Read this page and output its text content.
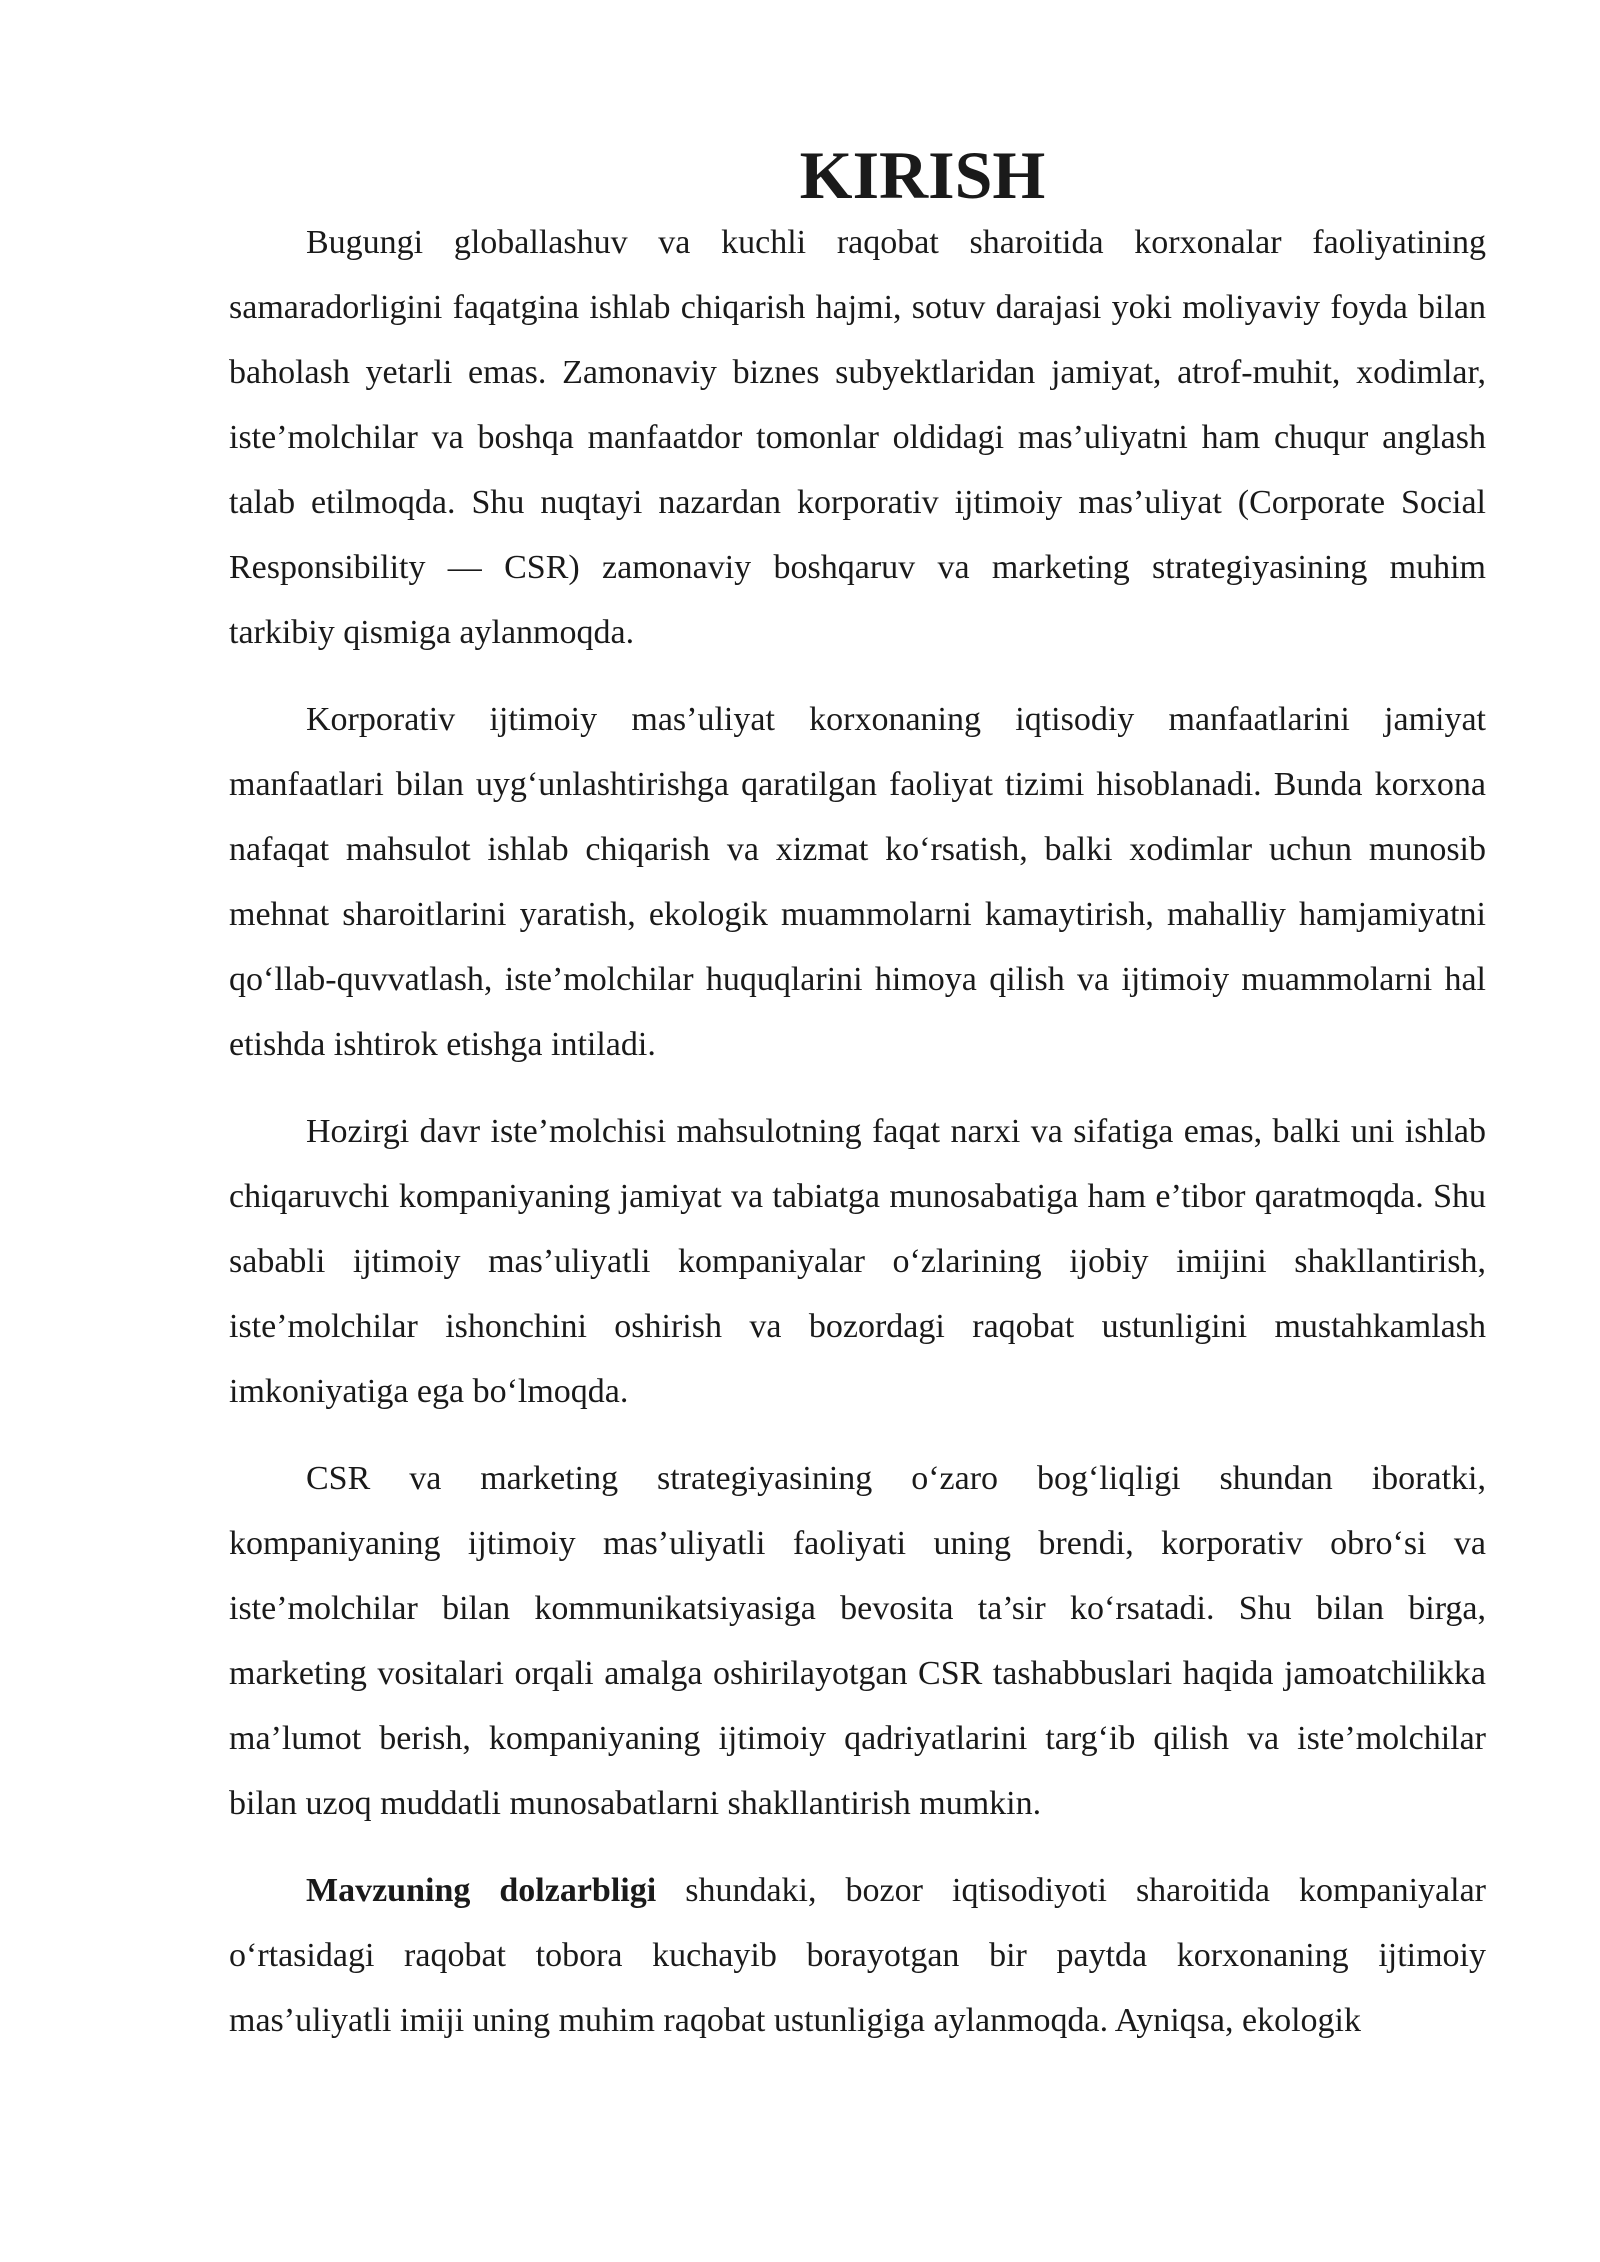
KIRISH

Bugungi globallashuv va kuchli raqobat sharoitida korxonalar faoliyatining samaradorligini faqatgina ishlab chiqarish hajmi, sotuv darajasi yoki moliyaviy foyda bilan baholash yetarli emas. Zamonaviy biznes subyektlaridan jamiyat, atrof-muhit, xodimlar, iste’molchilar va boshqa manfaatdor tomonlar oldidagi mas’uliyatni ham chuqur anglash talab etilmoqda. Shu nuqtayi nazardan korporativ ijtimoiy mas’uliyat (Corporate Social Responsibility — CSR) zamonaviy boshqaruv va marketing strategiyasining muhim tarkibiy qismiga aylanmoqda.

Korporativ ijtimoiy mas’uliyat korxonaning iqtisodiy manfaatlarini jamiyat manfaatlari bilan uyg‘unlashtirishga qaratilgan faoliyat tizimi hisoblanadi. Bunda korxona nafaqat mahsulot ishlab chiqarish va xizmat ko‘rsatish, balki xodimlar uchun munosib mehnat sharoitlarini yaratish, ekologik muammolarni kamaytirish, mahalliy hamjamiyatni qo‘llab-quvvatlash, iste’molchilar huquqlarini himoya qilish va ijtimoiy muammolarni hal etishda ishtirok etishga intiladi.

Hozirgi davr iste’molchisi mahsulotning faqat narxi va sifatiga emas, balki uni ishlab chiqaruvchi kompaniyaning jamiyat va tabiatga munosabatiga ham e’tibor qaratmoqda. Shu sababli ijtimoiy mas’uliyatli kompaniyalar o‘zlarining ijobiy imijini shakllantirish, iste’molchilar ishonchini oshirish va bozordagi raqobat ustunligini mustahkamlash imkoniyatiga ega bo‘lmoqda.

CSR va marketing strategiyasining o‘zaro bog‘liqligi shundan iboratki, kompaniyaning ijtimoiy mas’uliyatli faoliyati uning brendi, korporativ obro‘si va iste’molchilar bilan kommunikatsiyasiga bevosita ta’sir ko‘rsatadi. Shu bilan birga, marketing vositalari orqali amalga oshirilayotgan CSR tashabbuslari haqida jamoatchilikka ma’lumot berish, kompaniyaning ijtimoiy qadriyatlarini targ‘ib qilish va iste’molchilar bilan uzoq muddatli munosabatlarni shakllantirish mumkin.

Mavzuning dolzarbligi shundaki, bozor iqtisodiyoti sharoitida kompaniyalar o‘rtasidagi raqobat tobora kuchayib borayotgan bir paytda korxonaning ijtimoiy mas’uliyatli imiji uning muhim raqobat ustunligiga aylanmoqda. Ayniqsa, ekologik
